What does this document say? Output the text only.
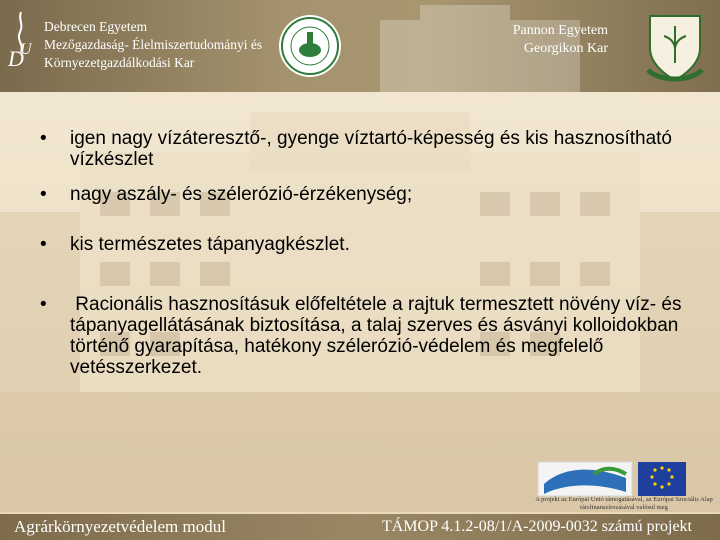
D
U
Debrecen Egyetem
Mezőgazdaság- Élelmiszertudományi és
Környezetgazdálkodási Kar
Pannon Egyetem
Georgikon Kar
• igen nagy vízáteresztő-, gyenge víztartó-képesség és kis hasznosítható vízkészlet
• nagy aszály- és szélerózió-érzékenység;
• kis természetes tápanyagkészlet.
• Racionális hasznosításuk előfeltétele a rajtuk termesztett növény víz- és tápanyagellátásának biztosítása, a talaj szerves és ásványi kolloidokban történő gyarapítása, hatékony szélerózió-védelem és megfelelő vetésszerkezet.
A projekt az Európai Unió támogatásával, az Európai Szociális Alap társfinanszírozásával valósul meg
Agrárkörnyezetvédelem modul	TÁMOP 4.1.2-08/1/A-2009-0032 számú projekt
